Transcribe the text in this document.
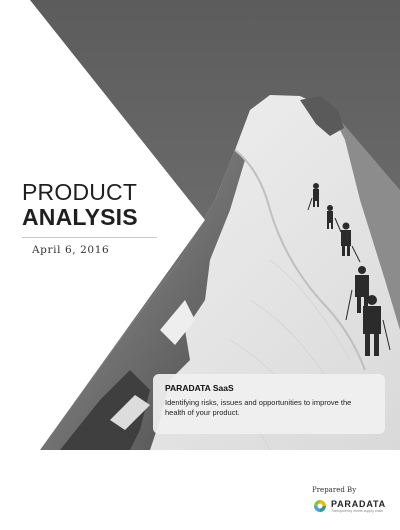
PRODUCT
ANALYSIS
April 6, 2016
PARADATA SaaS
Identifying risks, issues and opportunities to improve the health of your product.
Prepared By
PARADATA
Transparency meets supply chain
